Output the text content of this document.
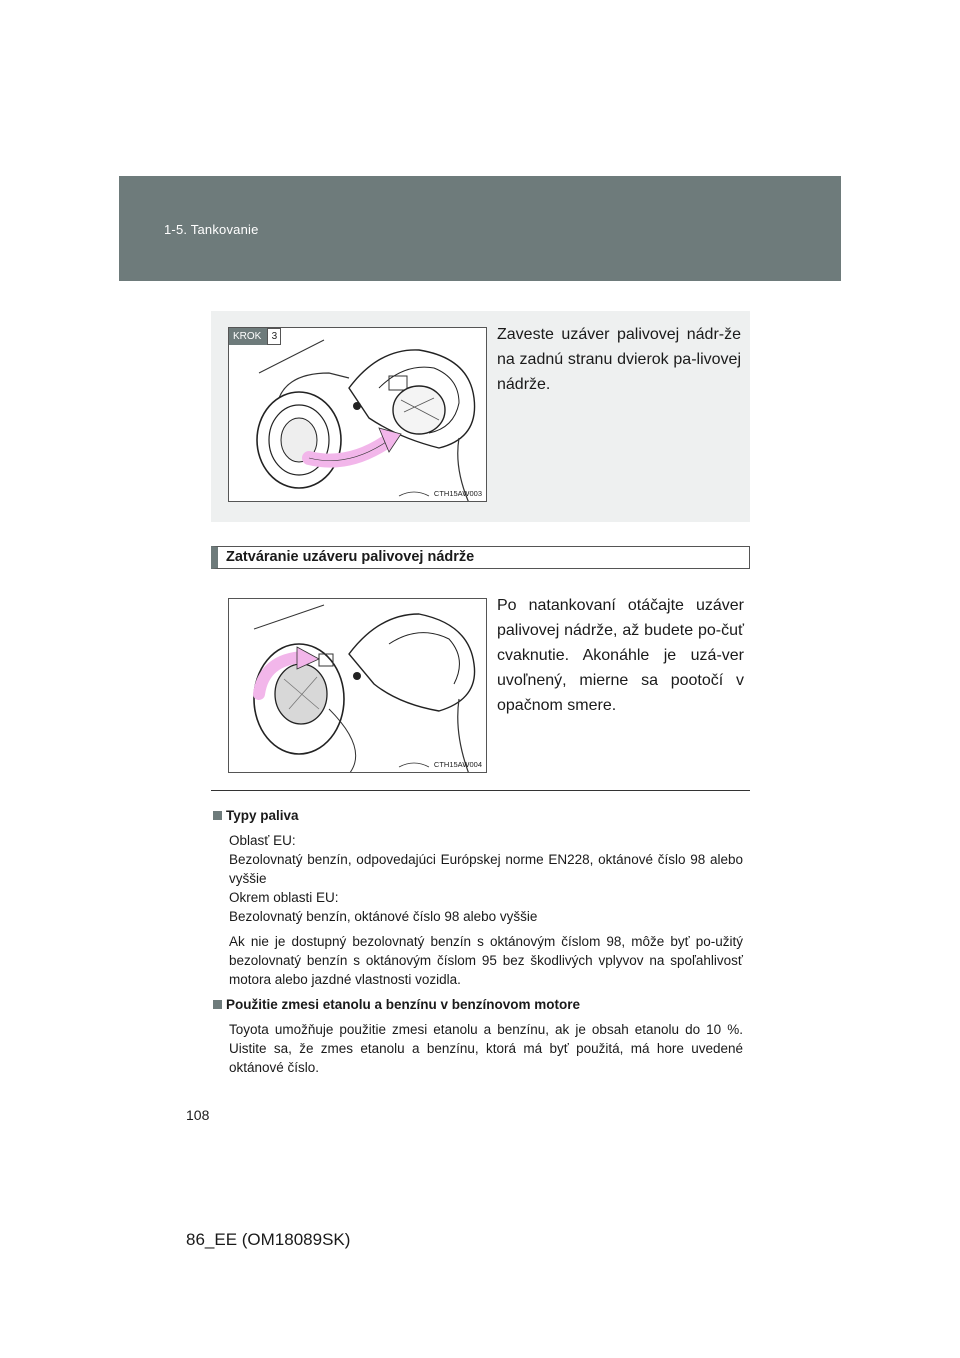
1-5. Tankovanie
KROK	3
CTH15AW003
Zaveste uzáver palivovej nádr-že na zadnú stranu dvierok pa-livovej nádrže.
Zatváranie uzáveru palivovej nádrže
CTH15AW004
Po natankovaní otáčajte uzáver palivovej nádrže, až budete po-čuť cvaknutie. Akonáhle je uzá-ver uvoľnený, mierne sa pootočí v opačnom smere.
Typy paliva

Oblasť EU:
Bezolovnatý benzín, odpovedajúci Európskej norme EN228, oktánové číslo 98 alebo vyššie
Okrem oblasti EU:
Bezolovnatý benzín, oktánové číslo 98 alebo vyššie

Ak nie je dostupný bezolovnatý benzín s oktánovým číslom 98, môže byť po-užitý bezolovnatý benzín s oktánovým číslom 95 bez škodlivých vplyvov na spoľahlivosť motora alebo jazdné vlastnosti vozidla.

Použitie zmesi etanolu a benzínu v benzínovom motore

Toyota umožňuje použitie zmesi etanolu a benzínu, ak je obsah etanolu do 10 %. Uistite sa, že zmes etanolu a benzínu, ktorá má byť použitá, má hore uvedené oktánové číslo.

108
86_EE (OM18089SK)
